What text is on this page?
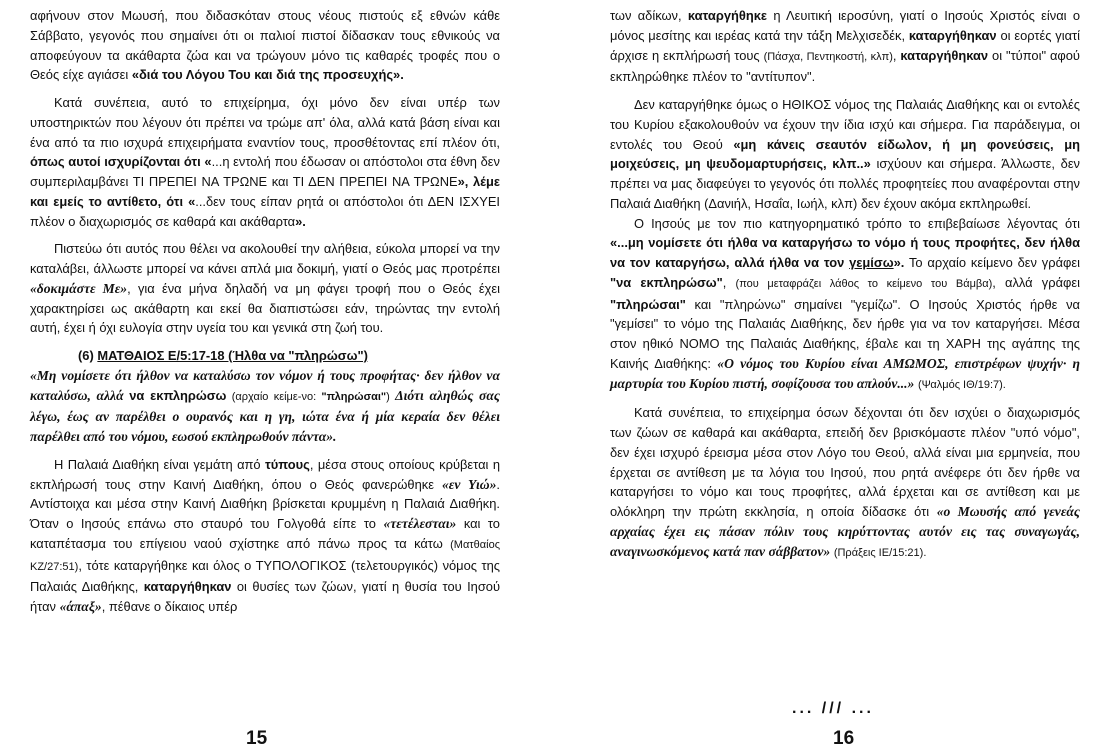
αφήνουν στον Μωυσή, που διδασκόταν στους νέους πιστούς εξ εθνών κάθε Σάββατο, γεγονός που σημαίνει ότι οι παλιοί πιστοί δίδασκαν τους εθνικούς να αποφεύγουν τα ακάθαρτα ζώα και να τρώγουν μόνο τις καθαρές τροφές που ο Θεός είχε αγιάσει «διά του Λόγου Του και διά της προσευχής».

Κατά συνέπεια, αυτό το επιχείρημα, όχι μόνο δεν είναι υπέρ των υποστηρικτών που λέγουν ότι πρέπει να τρώμε απ' όλα, αλλά κατά βάση είναι και ένα από τα πιο ισχυρά επιχειρήματα εναντίον τους, προσθέτοντας επί πλέον ότι, όπως αυτοί ισχυρίζονται ότι «...η εντολή που έδωσαν οι απόστολοι στα έθνη δεν συμπεριλαμβάνει ΤΙ ΠΡΕΠΕΙ ΝΑ ΤΡΩΝΕ και ΤΙ ΔΕΝ ΠΡΕΠΕΙ ΝΑ ΤΡΩΝΕ», λέμε και εμείς το αντίθετο, ότι «...δεν τους είπαν ρητά οι απόστολοι ότι ΔΕΝ ΙΣΧΥΕΙ πλέον ο διαχωρισμός σε καθαρά και ακάθαρτα».

Πιστεύω ότι αυτός που θέλει να ακολουθεί την αλήθεια, εύκολα μπορεί να την καταλάβει, άλλωστε μπορεί να κάνει απλά μια δοκιμή, γιατί ο Θεός μας προτρέπει «δοκιμάστε Με», για ένα μήνα δηλαδή να μη φάγει τροφή που ο Θεός έχει χαρακτηρίσει ως ακάθαρτη και εκεί θα διαπιστώσει εάν, τηρώντας την εντολή αυτή, έχει ή όχι ευλογία στην υγεία του και γενικά στη ζωή του.

(6) ΜΑΤΘΑΙΟΣ Ε/5:17-18 (Ήλθα να "πληρώσω")

«Μη νομίσετε ότι ήλθον να καταλύσω τον νόμον ή τους προφήτας· δεν ήλθον να καταλύσω, αλλά να εκπληρώσω (αρχαίο κείμε-νο: "πληρώσαι") Διότι αληθώς σας λέγω, έως αν παρέλθει ο ουρανός και η γη, ιώτα ένα ή μία κεραία δεν θέλει παρέλθει από του νόμου, εωσού εκπληρωθούν πάντα».

Η Παλαιά Διαθήκη είναι γεμάτη από τύπους, μέσα στους οποίους κρύβεται η εκπλήρωσή τους στην Καινή Διαθήκη, όπου ο Θεός φανερώθηκε «εν Υιώ». Αντίστοιχα και μέσα στην Καινή Διαθήκη βρίσκεται κρυμμένη η Παλαιά Διαθήκη. Όταν ο Ιησούς επάνω στο σταυρό του Γολγοθά είπε το «τετέλεσται» και το καταπέτασμα του επίγειου ναού σχίστηκε από πάνω προς τα κάτω (Ματθαίος ΚΖ/27:51), τότε καταργήθηκε και όλος ο ΤΥΠΟΛΟΓΙΚΟΣ (τελετουργικός) νόμος της Παλαιάς Διαθήκης, καταργήθηκαν οι θυσίες των ζώων, γιατί η θυσία του Ιησού ήταν «άπαξ», πέθανε ο δίκαιος υπέρ

των αδίκων, καταργήθηκε η Λευιτική ιεροσύνη, γιατί ο Ιησούς Χριστός είναι ο μόνος μεσίτης και ιερέας κατά την τάξη Μελχισεδέκ, καταργήθηκαν οι εορτές γιατί άρχισε η εκπλήρωσή τους (Πάσχα, Πεντηκοστή, κλπ), καταργήθηκαν οι "τύποι" αφού εκπληρώθηκε πλέον το "αντίτυπον".

Δεν καταργήθηκε όμως ο ΗΘΙΚΟΣ νόμος της Παλαιάς Διαθήκης και οι εντολές του Κυρίου εξακολουθούν να έχουν την ίδια ισχύ και σήμερα. Για παράδειγμα, οι εντολές του Θεού «μη κάνεις σεαυτόν είδωλον, ή μη φονεύσεις, μη μοιχεύσεις, μη ψευδομαρτυρήσεις, κλπ..» ισχύουν και σήμερα. Άλλωστε, δεν πρέπει να μας διαφεύγει το γεγονός ότι πολλές προφητείες που αναφέρονται στην Παλαιά Διαθήκη (Δανιήλ, Ησαΐα, Ιωήλ, κλπ) δεν έχουν ακόμα εκπληρωθεί.

Ο Ιησούς με τον πιο κατηγορηματικό τρόπο το επιβεβαίωσε λέγοντας ότι «...μη νομίσετε ότι ήλθα να καταργήσω το νόμο ή τους προφήτες, δεν ήλθα να τον καταργήσω, αλλά ήλθα να τον γεμίσω». Το αρχαίο κείμενο δεν γράφει "να εκπληρώσω", (που μεταφράζει λάθος το κείμενο του Βάμβα), αλλά γράφει "πληρώσαι" και "πληρώνω" σημαίνει "γεμίζω". Ο Ιησούς Χριστός ήρθε να "γεμίσει" το νόμο της Παλαιάς Διαθήκης, δεν ήρθε για να τον καταργήσει. Μέσα στον ηθικό ΝΟΜΟ της Παλαιάς Διαθήκης, έβαλε και τη ΧΑΡΗ της αγάπης της Καινής Διαθήκης: «Ο νόμος του Κυρίου είναι ΑΜΩΜΟΣ, επιστρέφων ψυχήν· η μαρτυρία του Κυρίου πιστή, σοφίζουσα του απλούν...» (Ψαλμός ΙΘ/19:7).

Κατά συνέπεια, το επιχείρημα όσων δέχονται ότι δεν ισχύει ο διαχωρισμός των ζώων σε καθαρά και ακάθαρτα, επειδή δεν βρισκόμαστε πλέον "υπό νόμο", δεν έχει ισχυρό έρεισμα μέσα στον Λόγο του Θεού, αλλά είναι μια ερμηνεία, που έρχεται σε αντίθεση με τα λόγια του Ιησού, που ρητά ανέφερε ότι δεν ήρθε να καταργήσει το νόμο και τους προφήτες, αλλά έρχεται και σε αντίθεση και με ολόκληρη την πρώτη εκκλησία, η οποία δίδασκε ότι «ο Μωυσής από γενεάς αρχαίας έχει εις πάσαν πόλιν τους κηρύττοντας αυτόν εις τας συναγωγάς, αναγινωσκόμενος κατά παν σάββατον» (Πράξεις ΙΕ/15:21).

... /// ...
15	16
